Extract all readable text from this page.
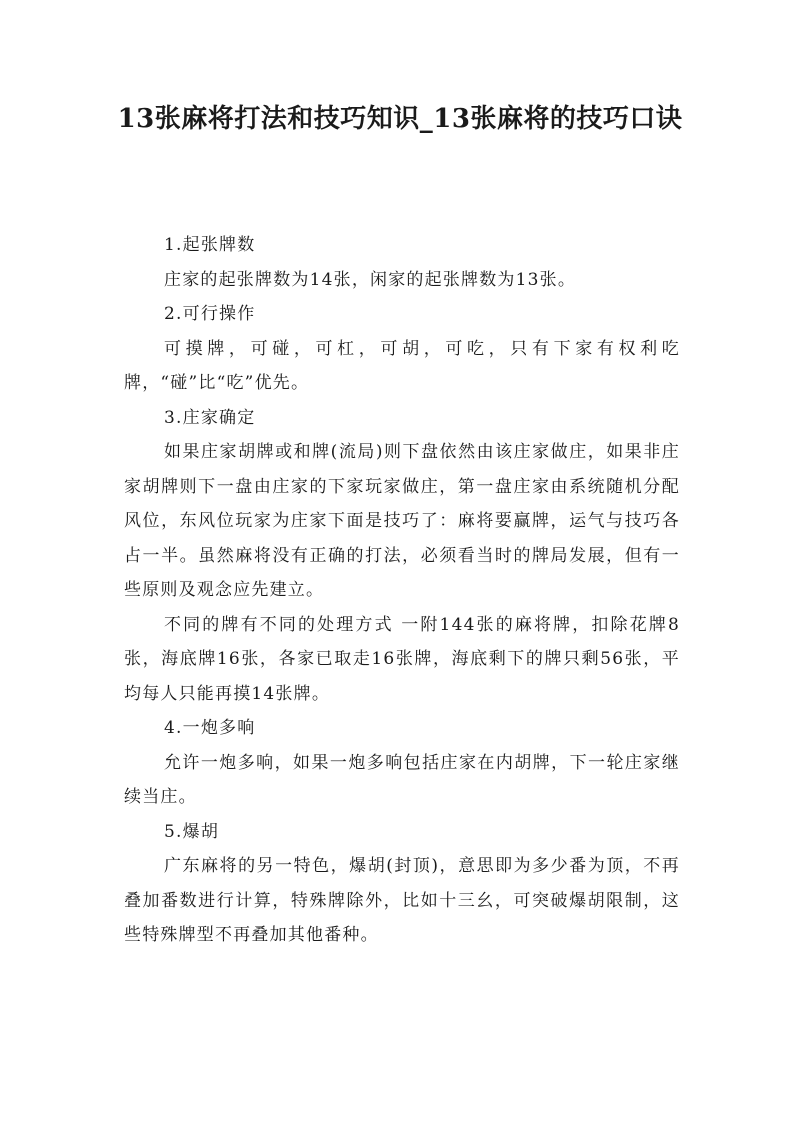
13张麻将打法和技巧知识_13张麻将的技巧口诀

1.起张牌数

庄家的起张牌数为14张，闲家的起张牌数为13张。

2.可行操作

可摸牌，可碰，可杠，可胡，可吃，只有下家有权利吃牌，“碰”比“吃”优先。

3.庄家确定

如果庄家胡牌或和牌(流局)则下盘依然由该庄家做庄，如果非庄家胡牌则下一盘由庄家的下家玩家做庄，第一盘庄家由系统随机分配风位，东风位玩家为庄家下面是技巧了：麻将要赢牌，运气与技巧各占一半。虽然麻将没有正确的打法，必须看当时的牌局发展，但有一些原则及观念应先建立。

不同的牌有不同的处理方式 一附144张的麻将牌，扣除花牌8张，海底牌16张，各家已取走16张牌，海底剩下的牌只剩56张，平均每人只能再摸14张牌。

4.一炮多响

允许一炮多响，如果一炮多响包括庄家在内胡牌，下一轮庄家继续当庄。

5.爆胡

广东麻将的另一特色，爆胡(封顶)，意思即为多少番为顶，不再叠加番数进行计算，特殊牌除外，比如十三幺，可突破爆胡限制，这些特殊牌型不再叠加其他番种。
